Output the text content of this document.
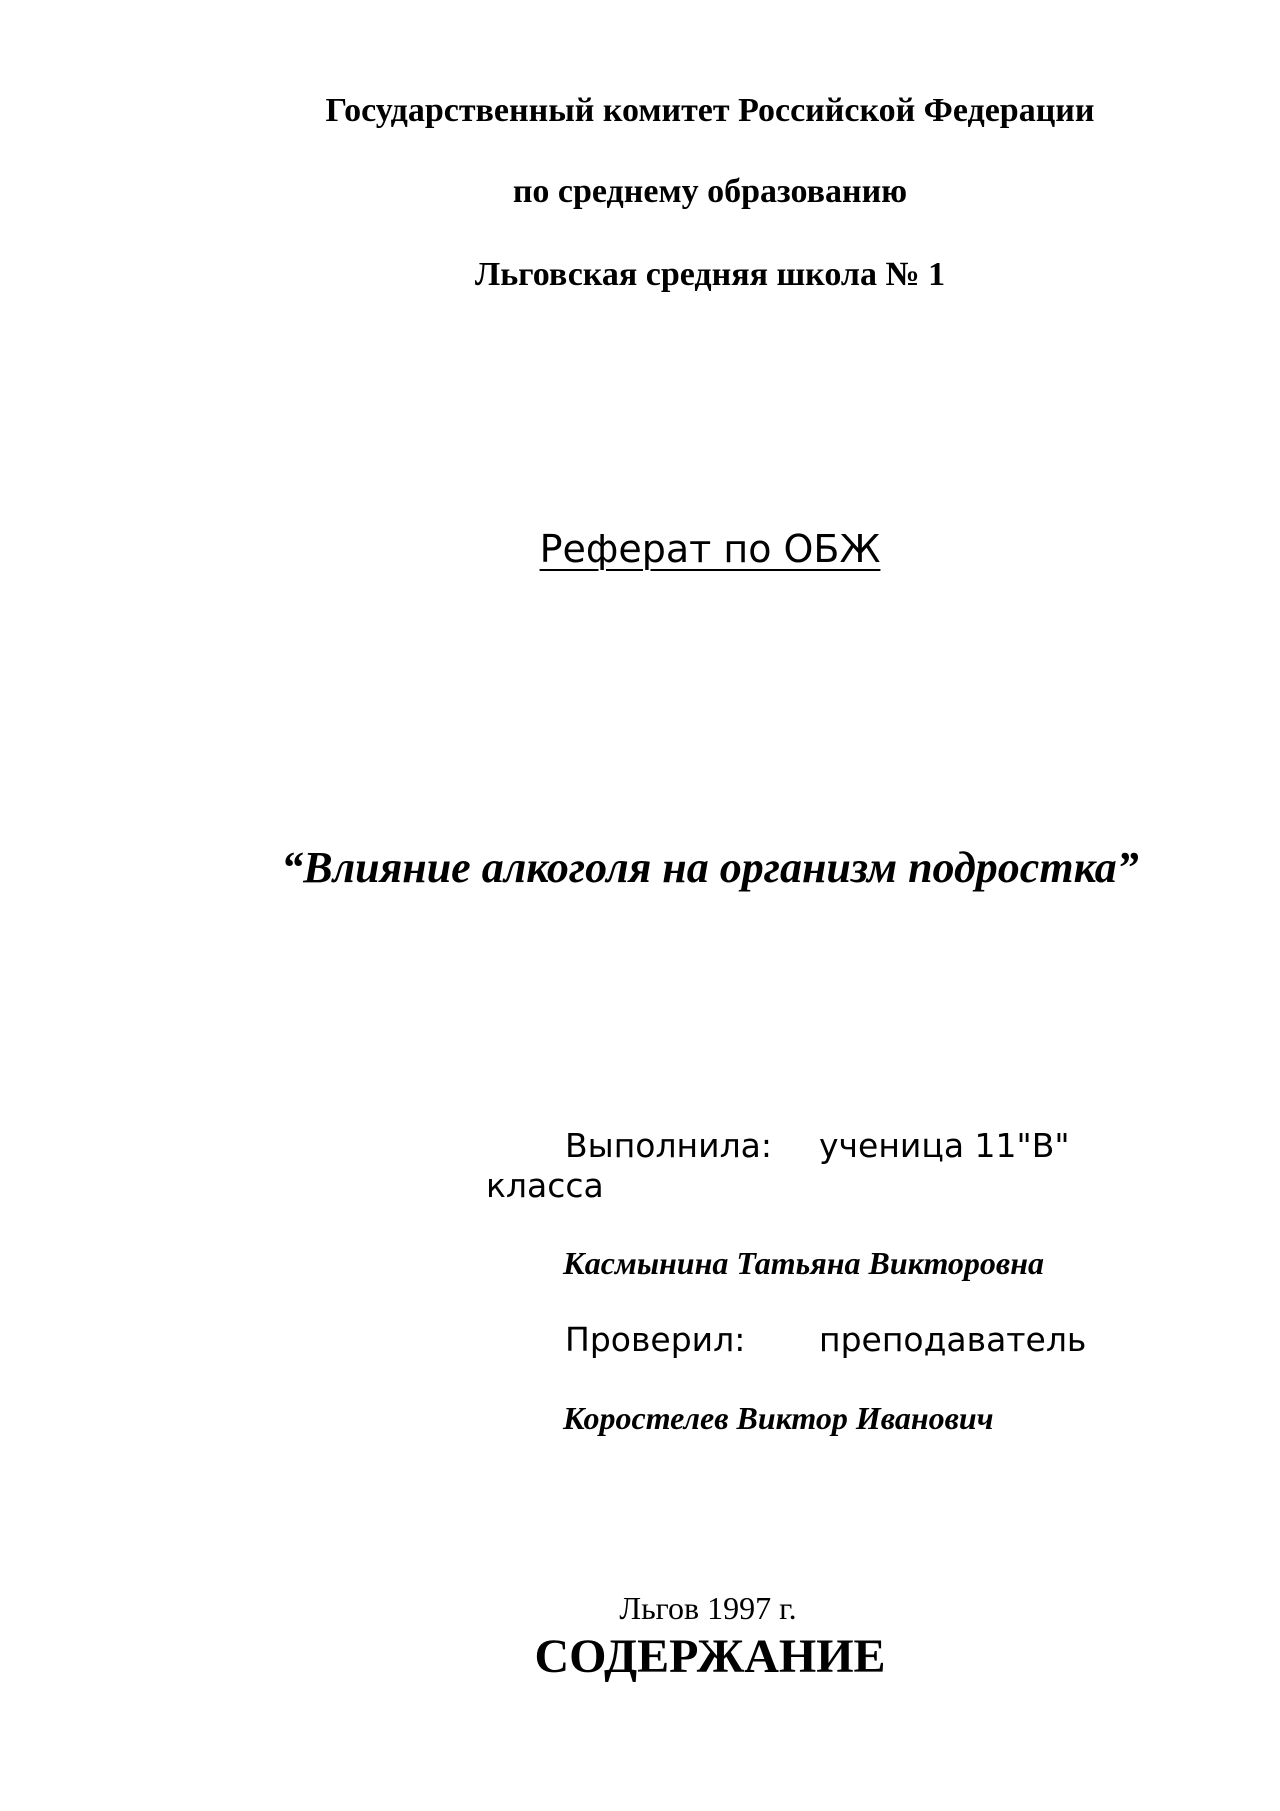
Государственный комитет Российской Федерации
по среднему образованию
Льговская средняя школа № 1
Реферат по ОБЖ
“Влияние алкоголя на организм подростка”
Выполнила: ученица 11"В"
класса
Касмынина Татьяна Викторовна
Проверил: преподаватель
Коростелев Виктор Иванович
Льгов 1997 г.
СОДЕРЖАНИЕ
